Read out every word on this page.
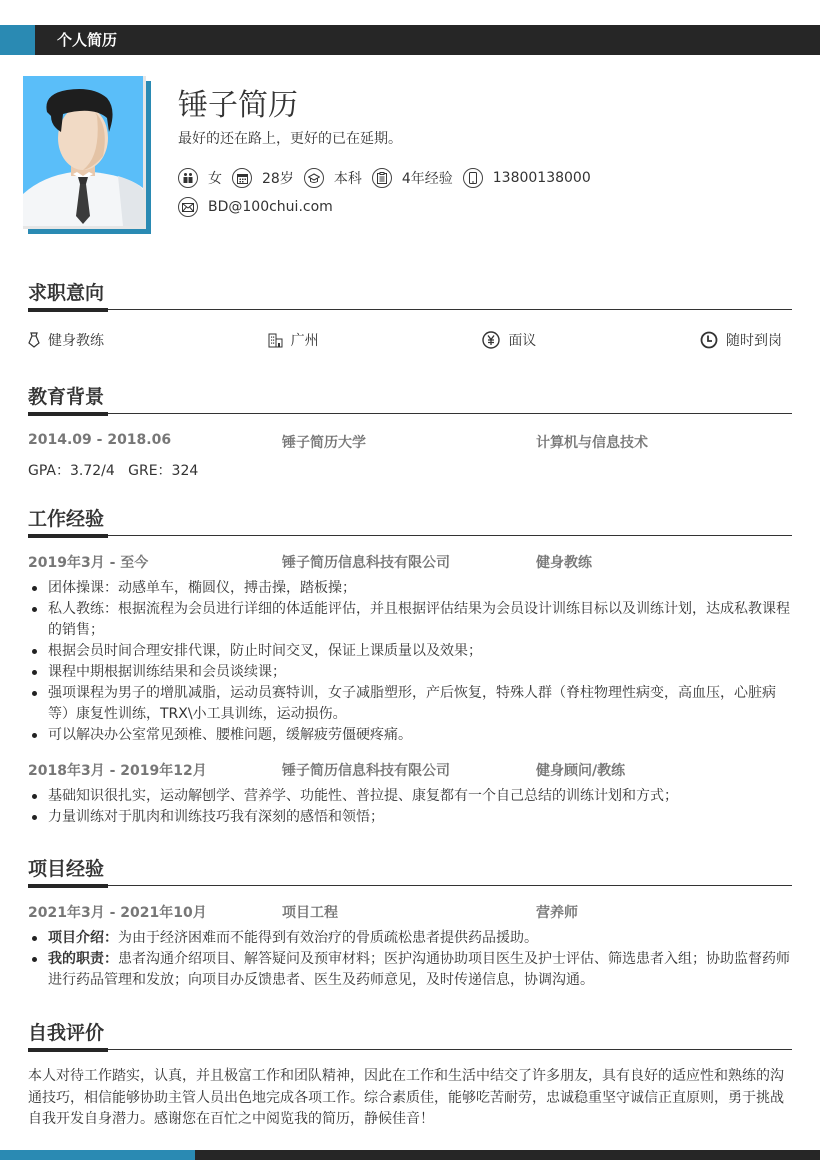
个人简历
锤子简历
最好的还在路上，更好的已在延期。
女	28岁	本科	4年经验	13800138000
BD@100chui.com
求职意向
健身教练	广州	面议	随时到岗
教育背景
2014.09 - 2018.06	锤子简历大学	计算机与信息技术
GPA：3.72/4   GRE：324
工作经验
2019年3月 - 至今	锤子简历信息科技有限公司	健身教练
团体操课：动感单车，椭圆仪，搏击操，踏板操；
私人教练：根据流程为会员进行详细的体适能评估，并且根据评估结果为会员设计训练目标以及训练计划，达成私教课程的销售；
根据会员时间合理安排代课，防止时间交叉，保证上课质量以及效果；
课程中期根据训练结果和会员谈续课；
强项课程为男子的增肌减脂，运动员赛特训，女子减脂塑形，产后恢复，特殊人群（脊柱物理性病变，高血压，心脏病等）康复性训练，TRX\小工具训练，运动损伤。
可以解决办公室常见颈椎、腰椎问题，缓解疲劳僵硬疼痛。
2018年3月 - 2019年12月	锤子简历信息科技有限公司	健身顾问/教练
基础知识很扎实，运动解刨学、营养学、功能性、普拉提、康复都有一个自己总结的训练计划和方式；
力量训练对于肌肉和训练技巧我有深刻的感悟和领悟；
项目经验
2021年3月 - 2021年10月	项目工程	营养师
项目介绍：为由于经济困难而不能得到有效治疗的骨质疏松患者提供药品援助。
我的职责：患者沟通介绍项目、解答疑问及预审材料；医护沟通协助项目医生及护士评估、筛选患者入组；协助监督药师进行药品管理和发放；向项目办反馈患者、医生及药师意见，及时传递信息，协调沟通。
自我评价
本人对待工作踏实，认真，并且极富工作和团队精神，因此在工作和生活中结交了许多朋友，具有良好的适应性和熟练的沟通技巧，相信能够协助主管人员出色地完成各项工作。综合素质佳，能够吃苦耐劳，忠诚稳重坚守诚信正直原则，勇于挑战自我开发自身潜力。感谢您在百忙之中阅览我的简历，静候佳音！
